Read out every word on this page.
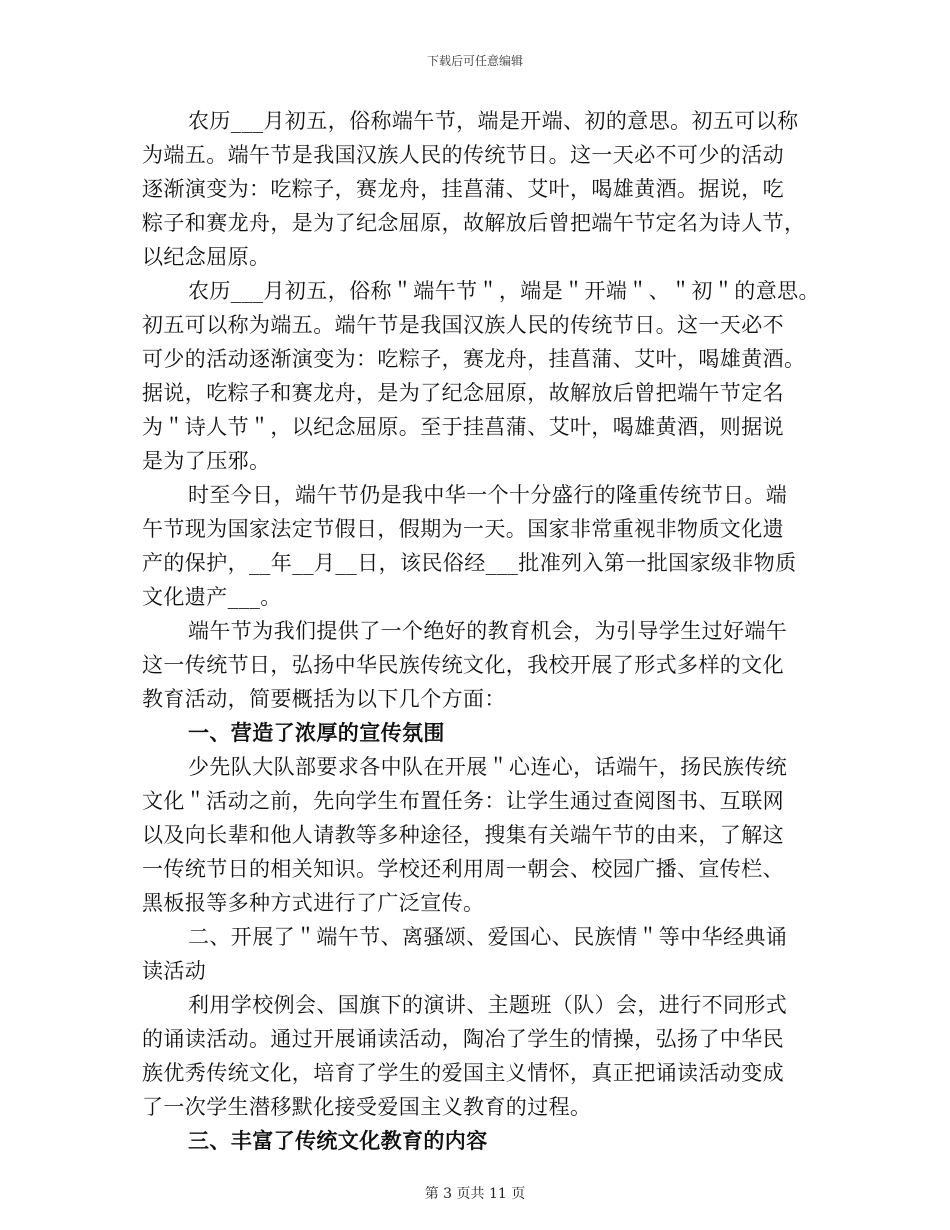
下载后可任意编辑
农历___月初五，俗称端午节，端是开端、初的意思。初五可以称
为端五。端午节是我国汉族人民的传统节日。这一天必不可少的活动
逐渐演变为：吃粽子，赛龙舟，挂菖蒲、艾叶，喝雄黄酒。据说，吃
粽子和赛龙舟，是为了纪念屈原，故解放后曾把端午节定名为诗人节，
以纪念屈原。
农历___月初五，俗称＂端午节＂，端是＂开端＂、＂初＂的意思。
初五可以称为端五。端午节是我国汉族人民的传统节日。这一天必不
可少的活动逐渐演变为：吃粽子，赛龙舟，挂菖蒲、艾叶，喝雄黄酒。
据说，吃粽子和赛龙舟，是为了纪念屈原，故解放后曾把端午节定名
为＂诗人节＂，以纪念屈原。至于挂菖蒲、艾叶，喝雄黄酒，则据说
是为了压邪。
时至今日，端午节仍是我中华一个十分盛行的隆重传统节日。端
午节现为国家法定节假日，假期为一天。国家非常重视非物质文化遗
产的保护，__年__月__日，该民俗经___批准列入第一批国家级非物质
文化遗产___。
端午节为我们提供了一个绝好的教育机会，为引导学生过好端午
这一传统节日，弘扬中华民族传统文化，我校开展了形式多样的文化
教育活动，简要概括为以下几个方面：
一、营造了浓厚的宣传氛围
少先队大队部要求各中队在开展＂心连心，话端午，扬民族传统
文化＂活动之前，先向学生布置任务：让学生通过查阅图书、互联网
以及向长辈和他人请教等多种途径，搜集有关端午节的由来，了解这
一传统节日的相关知识。学校还利用周一朝会、校园广播、宣传栏、
黑板报等多种方式进行了广泛宣传。
二、开展了＂端午节、离骚颂、爱国心、民族情＂等中华经典诵
读活动
利用学校例会、国旗下的演讲、主题班（队）会，进行不同形式
的诵读活动。通过开展诵读活动，陶冶了学生的情操，弘扬了中华民
族优秀传统文化，培育了学生的爱国主义情怀，真正把诵读活动变成
了一次学生潜移默化接受爱国主义教育的过程。
三、丰富了传统文化教育的内容
第 3 页共 11 页
